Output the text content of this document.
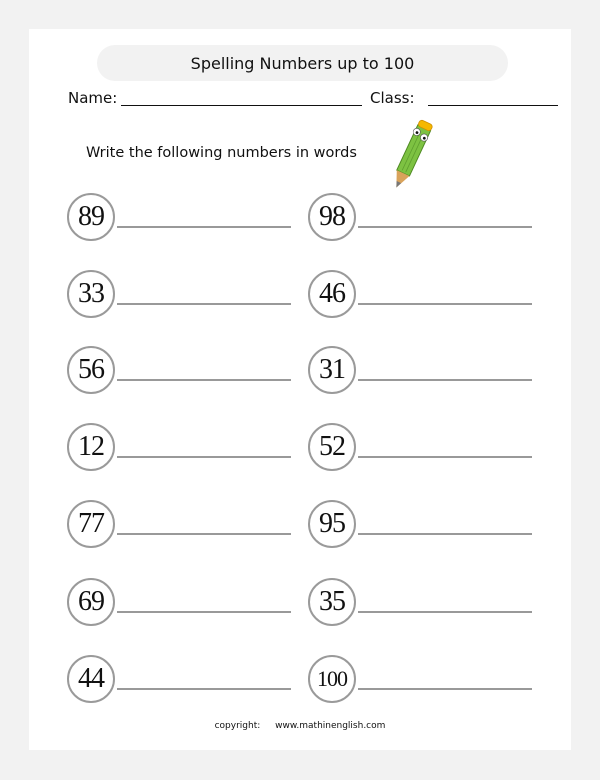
Spelling Numbers up to 100
Name:	Class:
Write the following numbers in words
89
33
56
12
77
69
44
98
46
31
52
95
35
100
copyright: www.mathinenglish.com
